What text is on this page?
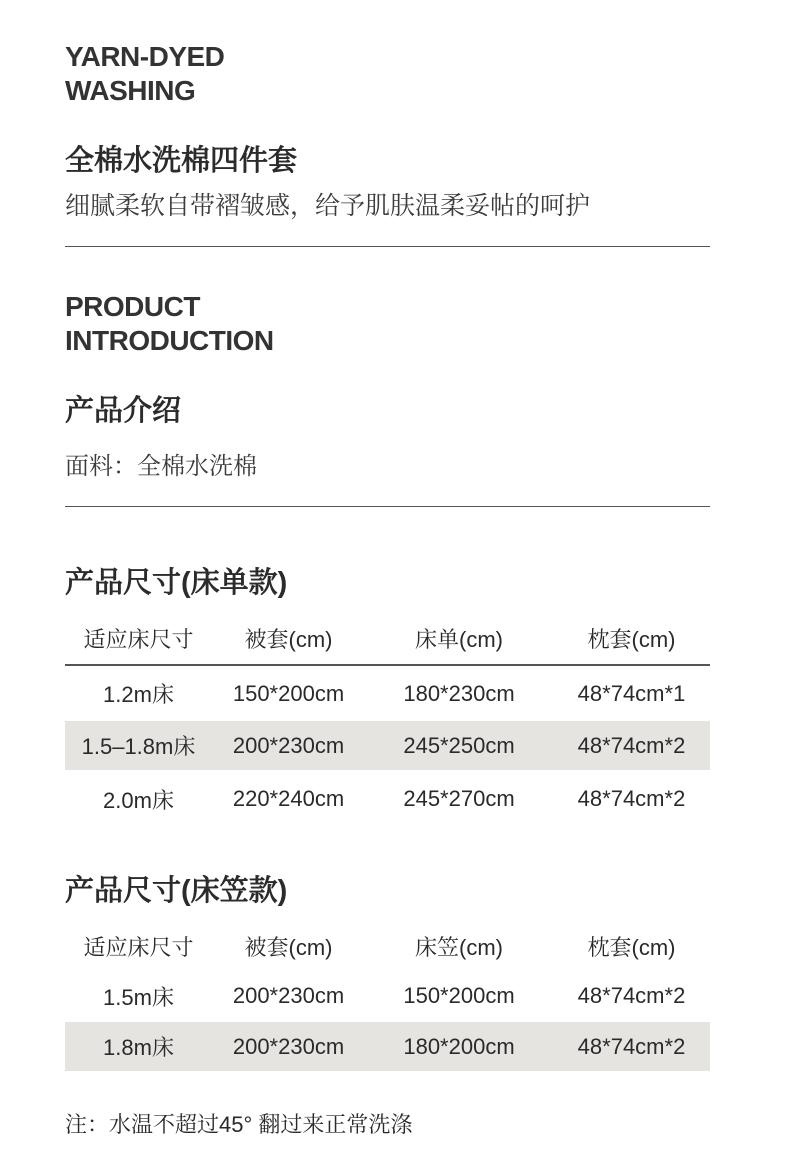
YARN-DYED
WASHING
全棉水洗棉四件套
细腻柔软自带褶皱感，给予肌肤温柔妥帖的呵护
PRODUCT
INTRODUCTION
产品介绍
面料：全棉水洗棉
产品尺寸(床单款)
适应床尺寸	被套(cm)	床单(cm)	枕套(cm)

1.2m床	150*200cm	180*230cm	48*74cm*1
1.5–1.8m床	200*230cm	245*250cm	48*74cm*2
2.0m床	220*240cm	245*270cm	48*74cm*2
产品尺寸(床笠款)
适应床尺寸	被套(cm)	床笠(cm)	枕套(cm)
1.5m床	200*230cm	150*200cm	48*74cm*2
1.8m床	200*230cm	180*200cm	48*74cm*2
注：水温不超过45° 翻过来正常洗涤
